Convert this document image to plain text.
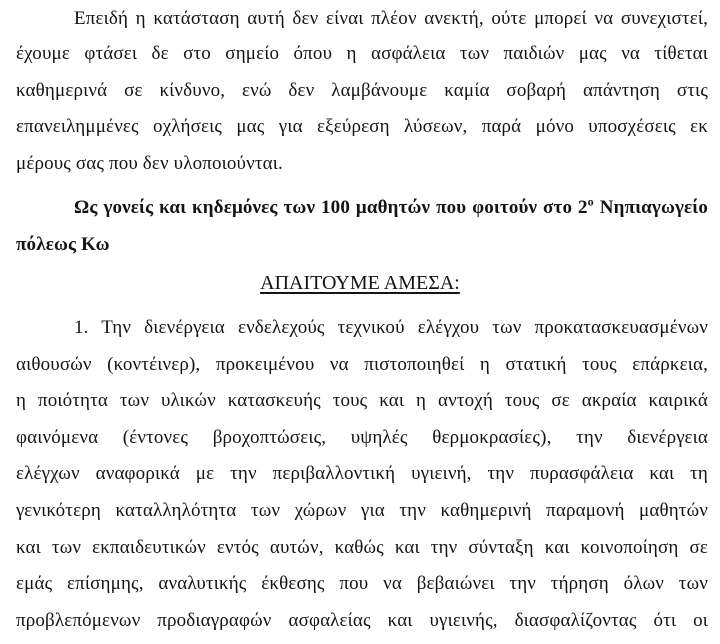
Επειδή η κατάσταση αυτή δεν είναι πλέον ανεκτή, ούτε μπορεί να συνεχιστεί,
έχουμε φτάσει δε στο σημείο όπου η ασφάλεια των παιδιών μας να τίθεται
καθημερινά σε κίνδυνο, ενώ δεν λαμβάνουμε καμία σοβαρή απάντηση στις
επανειλημμένες οχλήσεις μας για εξεύρεση λύσεων, παρά μόνο υποσχέσεις εκ
μέρους σας που δεν υλοποιούνται.
Ως γονείς και κηδεμόνες των 100 μαθητών που φοιτούν στο $2^o$ Νηπιαγωγείο
πόλεως Κω
ΑΠΑΙΤΟΥΜΕ ΑΜΕΣΑ:
1. Την διενέργεια ενδελεχούς τεχνικού ελέγχου των προκατασκευασμένων
αιθουσών (κοντέινερ), προκειμένου να πιστοποιηθεί η στατική τους επάρκεια,
η ποιότητα των υλικών κατασκευής τους και η αντοχή τους σε ακραία καιρικά
φαινόμενα (έντονες βροχοπτώσεις, υψηλές θερμοκρασίες), την διενέργεια
ελέγχων αναφορικά με την περιβαλλοντική υγιεινή, την πυρασφάλεια και τη
γενικότερη καταλληλότητα των χώρων για την καθημερινή παραμονή μαθητών
και των εκπαιδευτικών εντός αυτών, καθώς και την σύνταξη και κοινοποίηση σε
εμάς επίσημης, αναλυτικής έκθεσης που να βεβαιώνει την τήρηση όλων των
προβλεπόμενων προδιαγραφών ασφαλείας και υγιεινής, διασφαλίζοντας ότι οι
